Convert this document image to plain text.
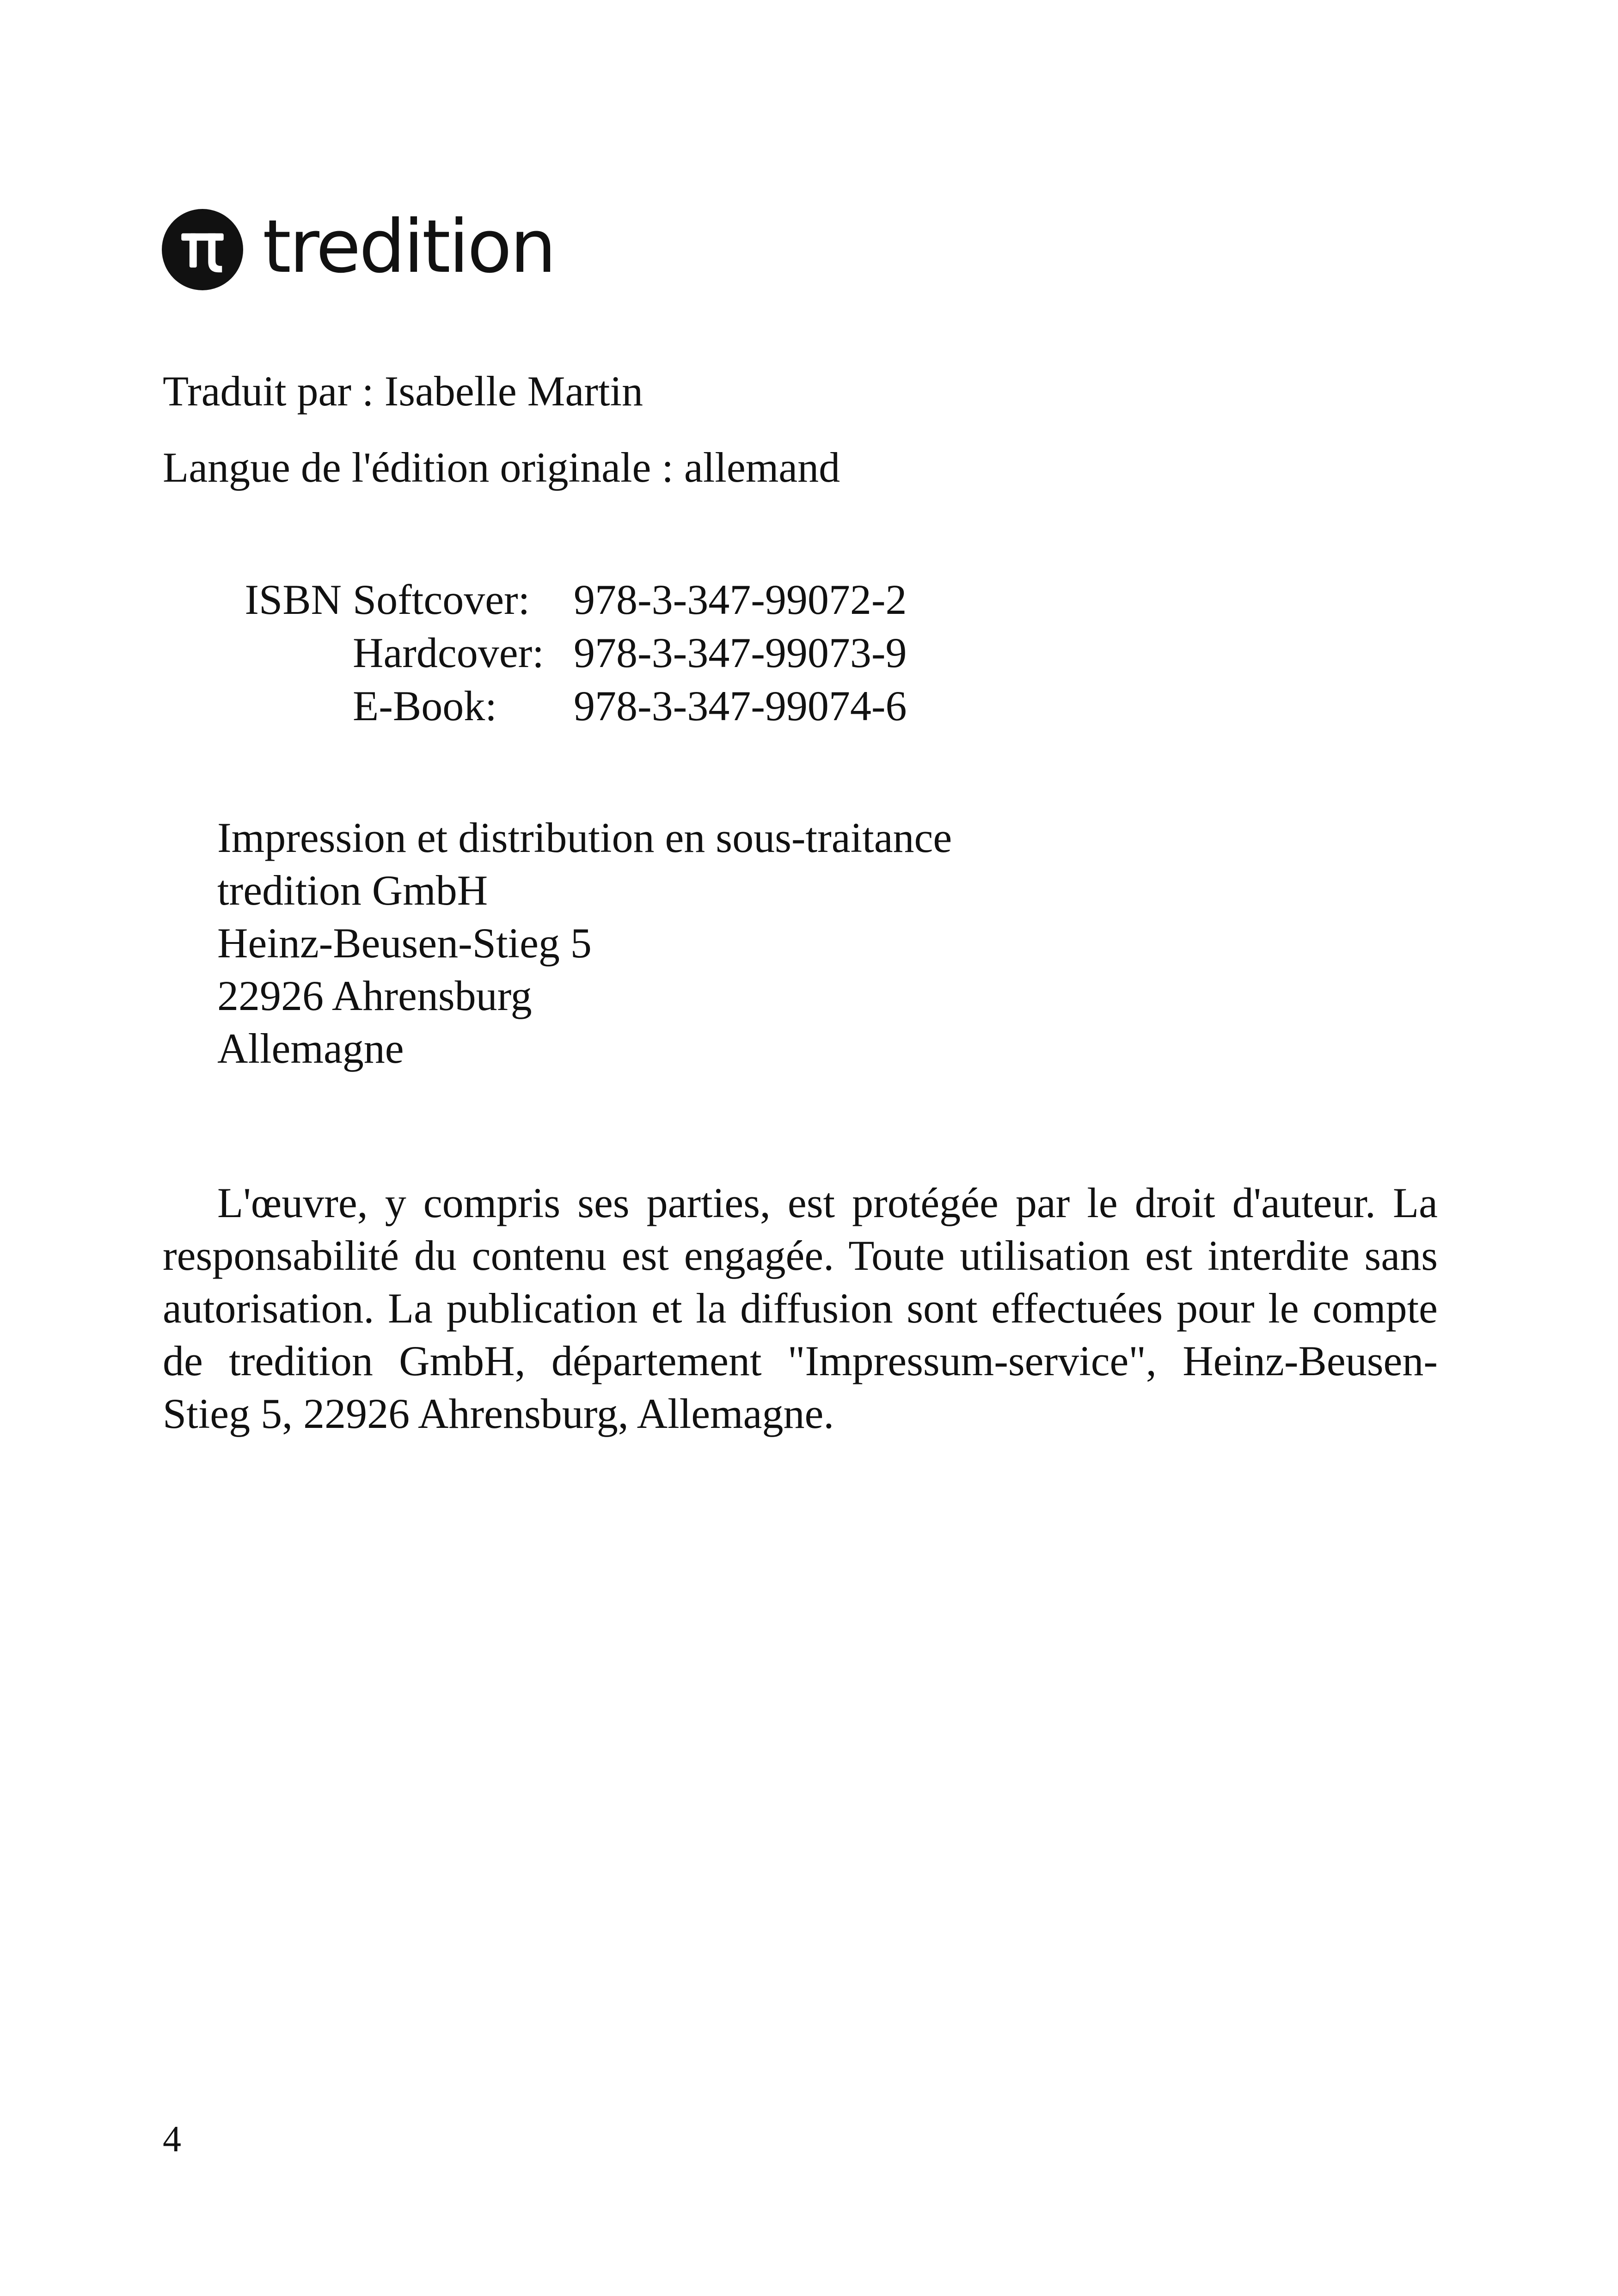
tredition
Traduit par : Isabelle Martin
Langue de l'édition originale : allemand
ISBN Softcover:	978-3-347-99072-2
Hardcover: 978-3-347-99073-9
E-Book:	978-3-347-99074-6
Impression et distribution en sous-traitance
tredition GmbH
Heinz-Beusen-Stieg 5
22926 Ahrensburg
Allemagne

L'œuvre, y compris ses parties, est protégée par le droit d'auteur. La responsabilité du contenu est engagée. Toute utilisation est interdite sans autorisation. La publication et la diffusion sont effectuées pour le compte de tredition GmbH, département "Impressum-service", Heinz-Beusen-Stieg 5, 22926 Ahrensburg, Allemagne.

4
